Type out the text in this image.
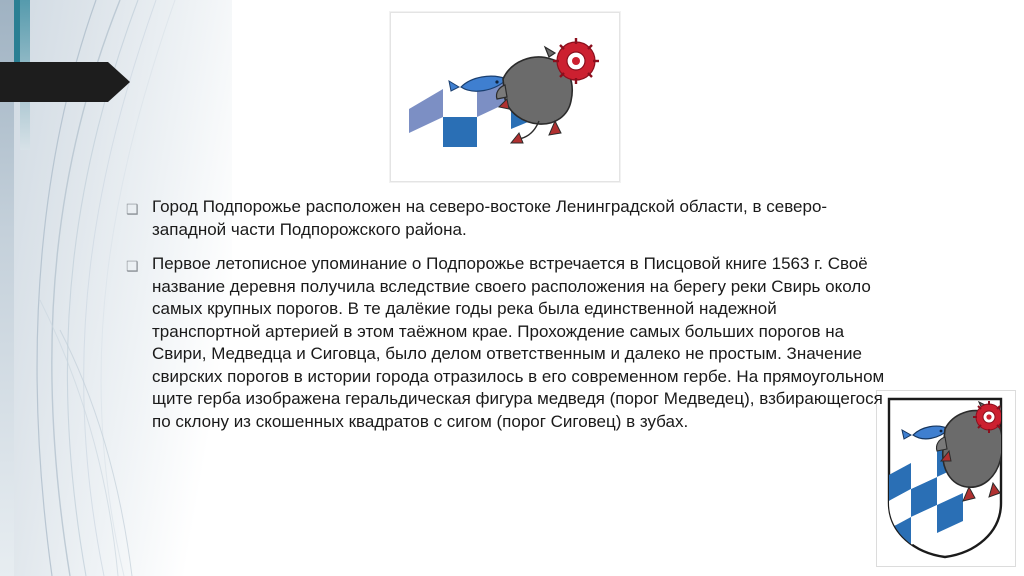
❑ Город Подпорожье расположен на северо-востоке Ленинградской области, в северо-западной части Подпорожского района.
❑ Первое летописное упоминание о Подпорожье встречается в Писцовой книге 1563 г. Своё название деревня получила вследствие своего расположения на берегу реки Свирь около самых крупных порогов. В те далёкие годы река была единственной надежной транспортной артерией в этом таёжном крае. Прохождение самых больших порогов на Свири, Медведца и Сиговца, было делом ответственным и далеко не простым. Значение свирских порогов в истории города отразилось в его современном гербе. На прямоугольном щите герба изображена геральдическая фигура медведя (порог Медведец), взбирающегося по склону из скошенных квадратов с сигом (порог Сиговец) в зубах.
